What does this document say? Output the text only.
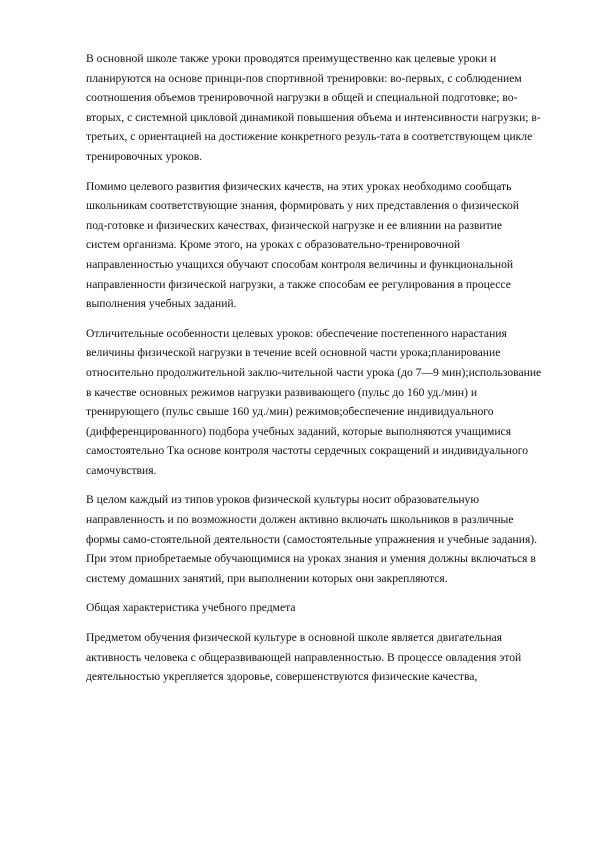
В основной школе также уроки проводятся преимущественно как целевые уроки и
планируются на основе принци-пов спортивной тренировки: во-первых, с соблюдением
соотношения объемов тренировочной нагрузки в общей и специальной подготовке; во-
вторых, с системной цикловой динамикой повышения объема и интенсивности нагрузки; в-
третьих, с ориентацией на достижение конкретного резуль-тата в соответствующем цикле
тренировочных уроков.

Помимо целевого развития физических качеств, на этих уроках необходимо сообщать
школьникам соответствующие знания, формировать у них представления о физической
под-готовке и физических качествах, физической нагрузке и ее влиянии на развитие
систем организма. Кроме этого, на уроках с образовательно-тренировочной
направленностью учащихся обучают способам контроля величины и функциональной
направленности физической нагрузки, а также способам ее регулирования в процессе
выполнения учебных заданий.

Отличительные особенности целевых уроков: обеспечение постепенного нарастания
величины физической нагрузки в течение всей основной части урока;планирование
относительно продолжительной заклю-чительной части урока (до 7—9 мин);использование
в качестве основных режимов нагрузки развивающего (пульс до 160 уд./мин) и
тренирующего (пульс свыше 160 уд./мин) режимов;обеспечение индивидуального
(дифференцированного) подбора учебных заданий, которые выполняются учащимися
самостоятельно Тка основе контроля частоты сердечных сокращений и индивидуального
самочувствия.

В целом каждый из типов уроков физической культуры носит образовательную
направленность и по возможности должен активно включать школьников в различные
формы само-стоятельной деятельности (самостоятельные упражнения и учебные задания).
При этом приобретаемые обучающимися на уроках знания и умения должны включаться в
систему домашних занятий, при выполнении которых они закрепляются.

Общая характеристика учебного предмета

Предметом обучения физической культуре в основной школе является двигательная
активность человека с общеразвивающей направленностью. В процессе овладения этой
деятельностью укрепляется здоровье, совершенствуются физические качества,
